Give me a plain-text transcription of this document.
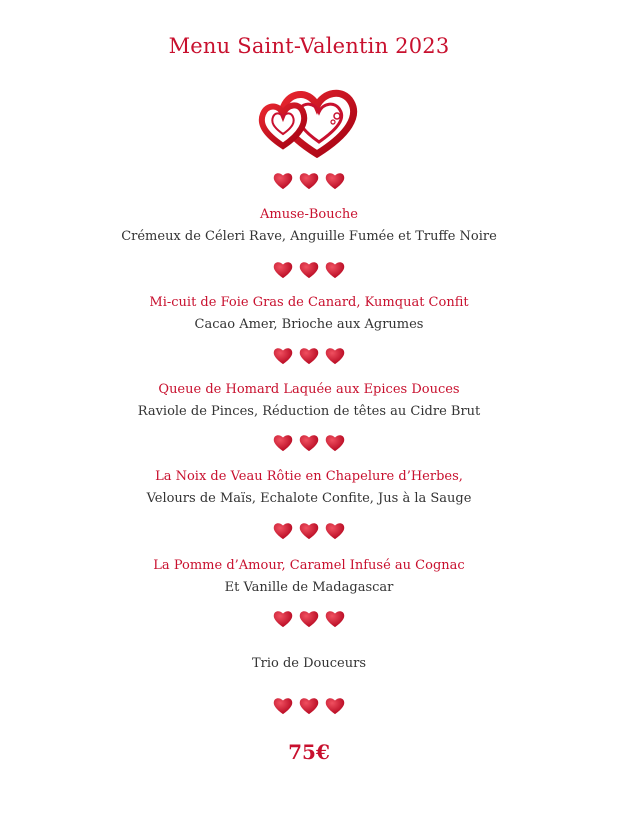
Menu Saint-Valentin 2023
Amuse-Bouche
Crémeux de Céleri Rave, Anguille Fumée et Truffe Noire
Mi-cuit de Foie Gras de Canard, Kumquat Confit
Cacao Amer, Brioche aux Agrumes
Queue de Homard Laquée aux Epices Douces
Raviole de Pinces, Réduction de têtes au Cidre Brut
La Noix de Veau Rôtie en Chapelure d’Herbes,
Velours de Maïs, Echalote Confite, Jus à la Sauge
La Pomme d’Amour, Caramel Infusé au Cognac
Et Vanille de Madagascar
Trio de Douceurs
75€
